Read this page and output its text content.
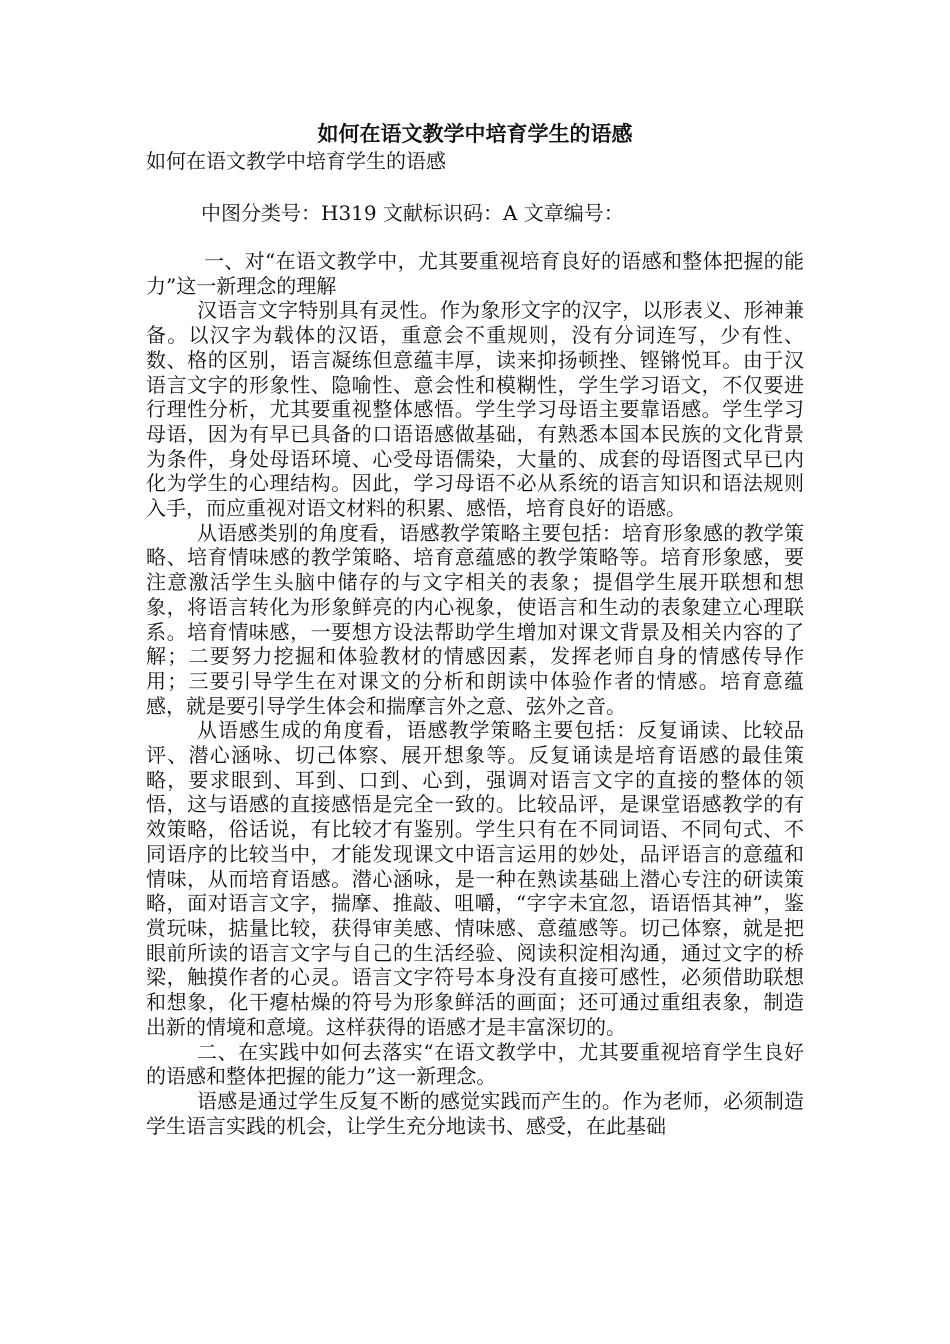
如何在语文教学中培育学生的语感
如何在语文教学中培育学生的语感
中图分类号：H319 文献标识码：A 文章编号：

一、对“在语文教学中，尤其要重视培育良好的语感和整体把握的能力”这一新理念的理解

汉语言文字特别具有灵性。作为象形文字的汉字，以形表义、形神兼备。以汉字为载体的汉语，重意会不重规则，没有分词连写，少有性、数、格的区别，语言凝练但意蕴丰厚，读来抑扬顿挫、铿锵悦耳。由于汉语言文字的形象性、隐喻性、意会性和模糊性，学生学习语文，不仅要进行理性分析，尤其要重视整体感悟。学生学习母语主要靠语感。学生学习母语，因为有早已具备的口语语感做基础，有熟悉本国本民族的文化背景为条件，身处母语环境、心受母语儒染，大量的、成套的母语图式早已内化为学生的心理结构。因此，学习母语不必从系统的语言知识和语法规则入手，而应重视对语文材料的积累、感悟，培育良好的语感。

从语感类别的角度看，语感教学策略主要包括：培育形象感的教学策略、培育情味感的教学策略、培育意蕴感的教学策略等。培育形象感，要注意激活学生头脑中储存的与文字相关的表象；提倡学生展开联想和想象，将语言转化为形象鲜亮的内心视象，使语言和生动的表象建立心理联系。培育情味感，一要想方设法帮助学生增加对课文背景及相关内容的了解；二要努力挖掘和体验教材的情感因素，发挥老师自身的情感传导作用；三要引导学生在对课文的分析和朗读中体验作者的情感。培育意蕴感，就是要引导学生体会和揣摩言外之意、弦外之音。

从语感生成的角度看，语感教学策略主要包括：反复诵读、比较品评、潜心涵咏、切己体察、展开想象等。反复诵读是培育语感的最佳策略，要求眼到、耳到、口到、心到，强调对语言文字的直接的整体的领悟，这与语感的直接感悟是完全一致的。比较品评，是课堂语感教学的有效策略，俗话说，有比较才有鉴别。学生只有在不同词语、不同句式、不同语序的比较当中，才能发现课文中语言运用的妙处，品评语言的意蕴和情味，从而培育语感。潜心涵咏，是一种在熟读基础上潜心专注的研读策略，面对语言文字，揣摩、推敲、咀嚼，“字字未宜忽，语语悟其神”，鉴赏玩味，掂量比较，获得审美感、情味感、意蕴感等。切己体察，就是把眼前所读的语言文字与自己的生活经验、阅读积淀相沟通，通过文字的桥梁，触摸作者的心灵。语言文字符号本身没有直接可感性，必须借助联想和想象，化干瘪枯燥的符号为形象鲜活的画面；还可通过重组表象，制造出新的情境和意境。这样获得的语感才是丰富深切的。

二、在实践中如何去落实“在语文教学中，尤其要重视培育学生良好的语感和整体把握的能力”这一新理念。

语感是通过学生反复不断的感觉实践而产生的。作为老师，必须制造学生语言实践的机会，让学生充分地读书、感受，在此基础
